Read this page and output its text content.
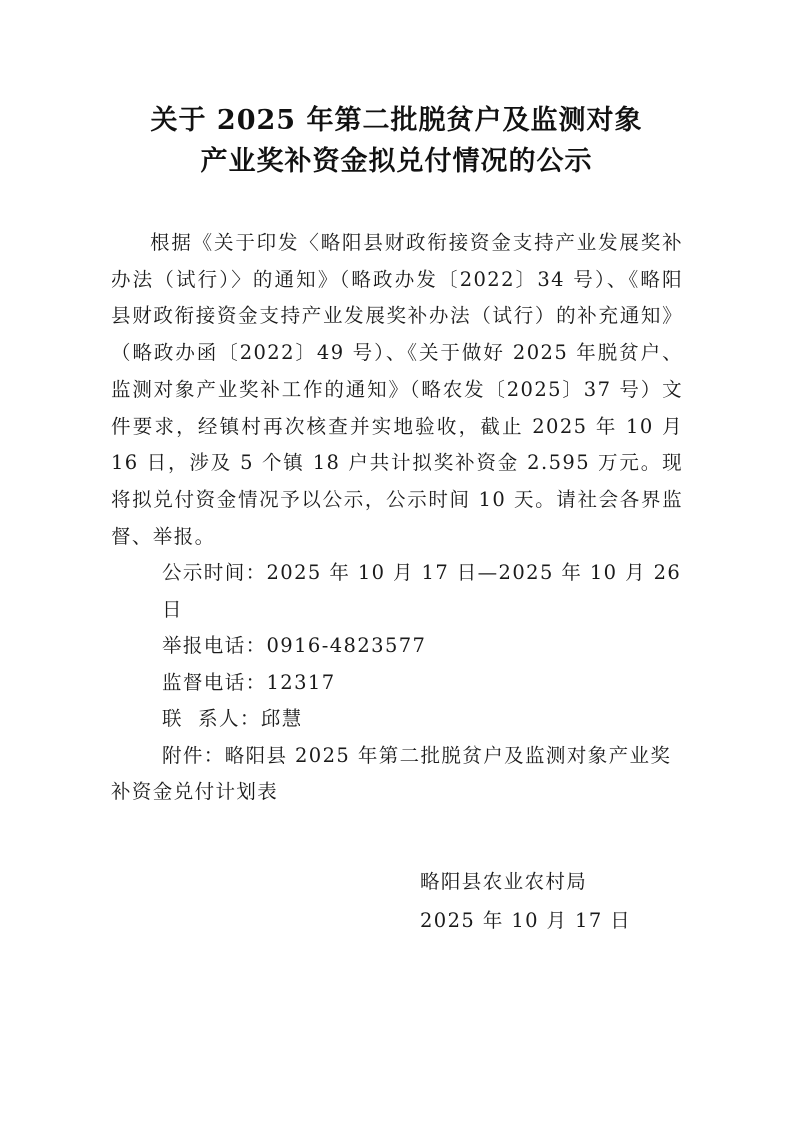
关于 2025 年第二批脱贫户及监测对象
产业奖补资金拟兑付情况的公示

根据《关于印发〈略阳县财政衔接资金支持产业发展奖补办法（试行）〉的通知》（略政办发〔2022〕34 号）、《略阳县财政衔接资金支持产业发展奖补办法（试行）的补充通知》（略政办函〔2022〕49 号）、《关于做好 2025 年脱贫户、监测对象产业奖补工作的通知》（略农发〔2025〕37 号）文件要求，经镇村再次核查并实地验收，截止 2025 年 10 月 16 日，涉及 5 个镇 18 户共计拟奖补资金 2.595 万元。现将拟兑付资金情况予以公示，公示时间 10 天。请社会各界监督、举报。

公示时间：2025 年 10 月 17 日—2025 年 10 月 26 日
举报电话：0916-4823577
监督电话：12317
联  系人：邱慧
附件：略阳县 2025 年第二批脱贫户及监测对象产业奖补资金兑付计划表
略阳县农业农村局
2025 年 10 月 17 日
